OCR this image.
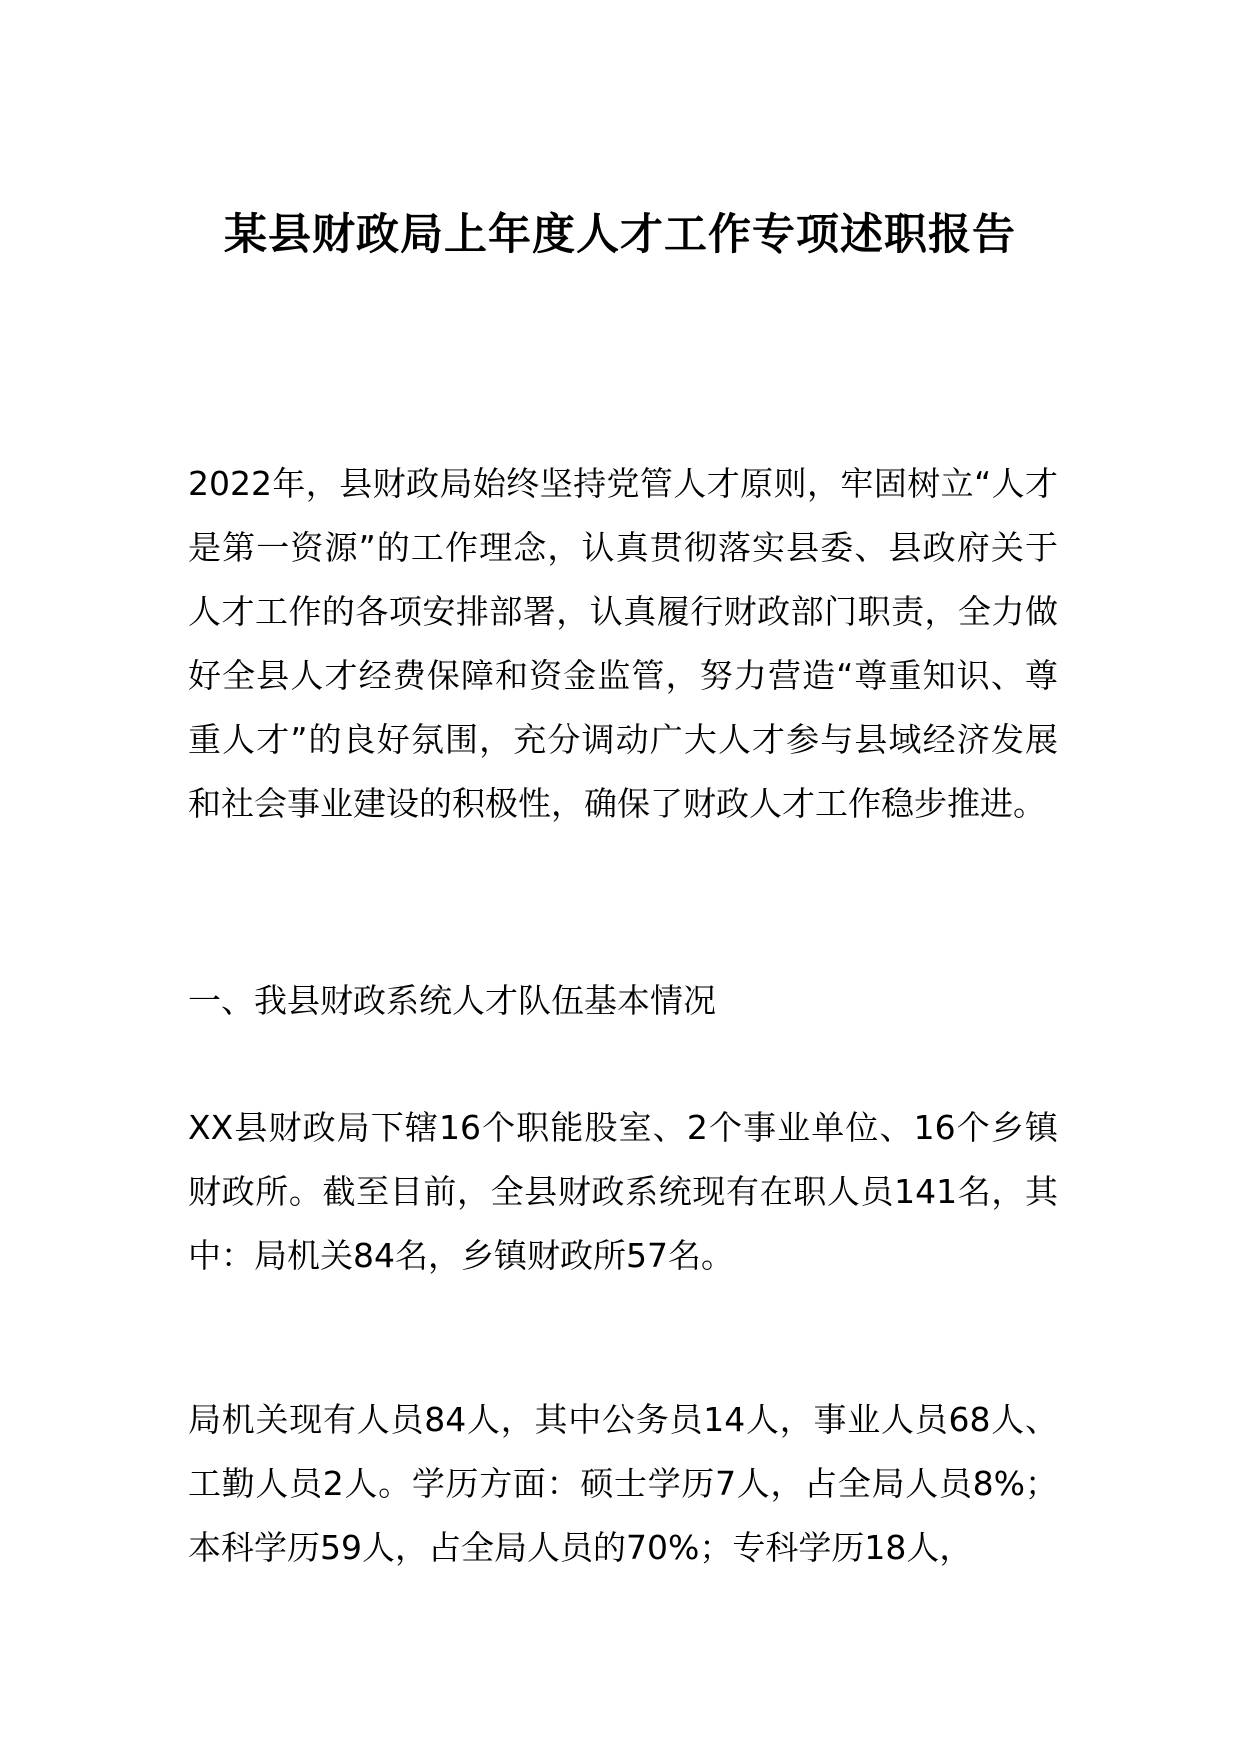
某县财政局上年度人才工作专项述职报告

2022年，县财政局始终坚持党管人才原则，牢固树立“人才是第一资源”的工作理念，认真贯彻落实县委、县政府关于人才工作的各项安排部署，认真履行财政部门职责，全力做好全县人才经费保障和资金监管，努力营造“尊重知识、尊重人才”的良好氛围，充分调动广大人才参与县域经济发展和社会事业建设的积极性，确保了财政人才工作稳步推进。

一、我县财政系统人才队伍基本情况

XX县财政局下辖16个职能股室、2个事业单位、16个乡镇财政所。截至目前，全县财政系统现有在职人员141名，其中：局机关84名，乡镇财政所57名。

局机关现有人员84人，其中公务员14人，事业人员68人、工勤人员2人。学历方面：硕士学历7人，占全局人员8%；本科学历59人，占全局人员的70%；专科学历18人，
